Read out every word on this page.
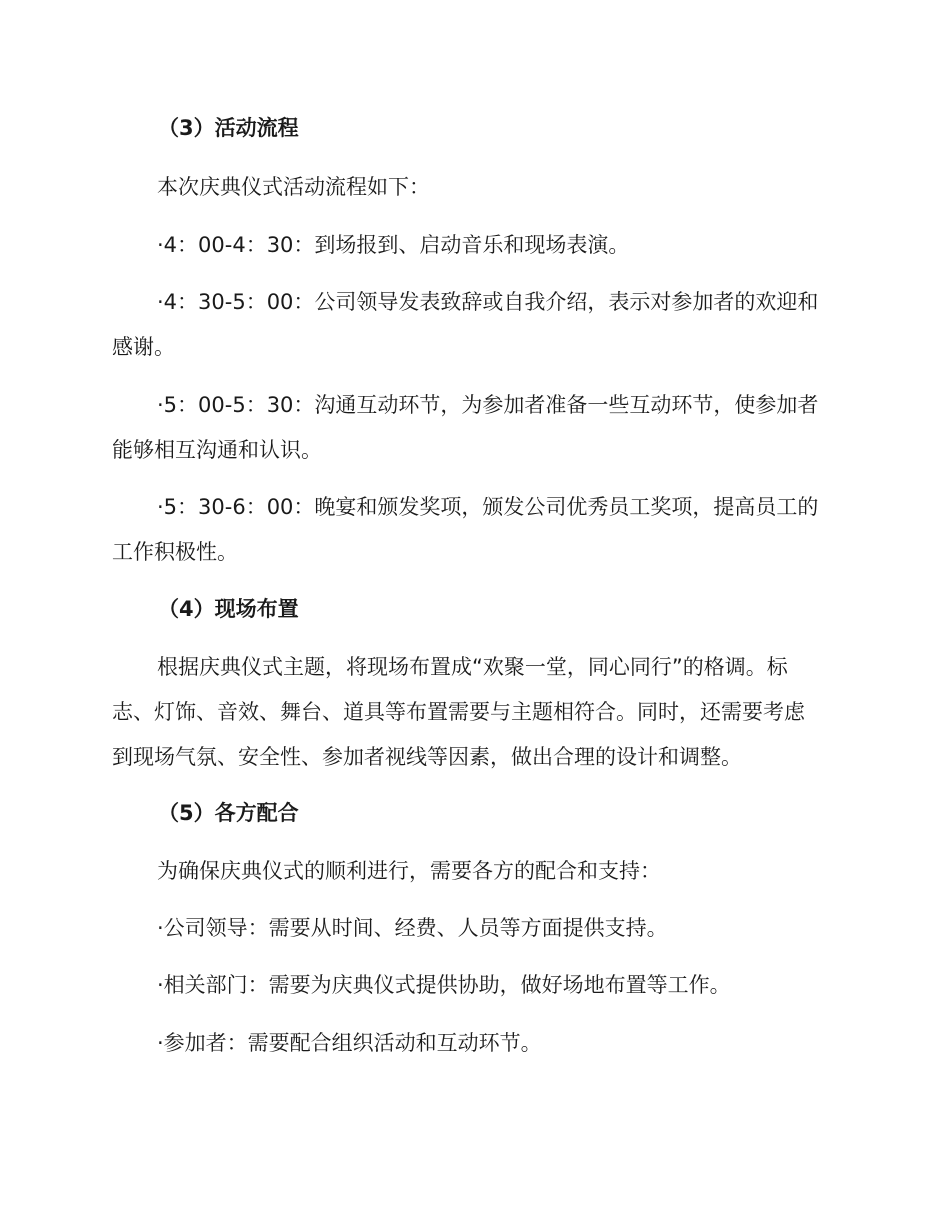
（3）活动流程

本次庆典仪式活动流程如下：

·4：00-4：30：到场报到、启动音乐和现场表演。

·4：30-5：00：公司领导发表致辞或自我介绍，表示对参加者的欢迎和

感谢。

·5：00-5：30：沟通互动环节，为参加者准备一些互动环节，使参加者

能够相互沟通和认识。

·5：30-6：00：晚宴和颁发奖项，颁发公司优秀员工奖项，提高员工的

工作积极性。

（4）现场布置

根据庆典仪式主题，将现场布置成“欢聚一堂，同心同行”的格调。标

志、灯饰、音效、舞台、道具等布置需要与主题相符合。同时，还需要考虑

到现场气氛、安全性、参加者视线等因素，做出合理的设计和调整。

（5）各方配合

为确保庆典仪式的顺利进行，需要各方的配合和支持：

·公司领导：需要从时间、经费、人员等方面提供支持。

·相关部门：需要为庆典仪式提供协助，做好场地布置等工作。

·参加者：需要配合组织活动和互动环节。
